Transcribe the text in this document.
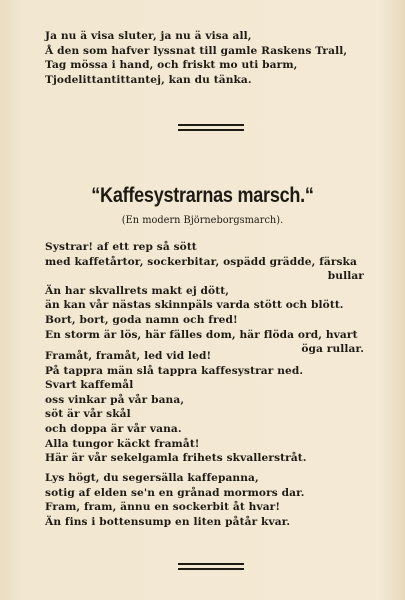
Ja nu ä visa sluter, ja nu ä visa all,
Å den som hafver lyssnat till gamle Raskens Trall,
Tag mössa i hand, och friskt mo uti barm,
Tjodelittantittantej, kan du tänka.
“Kaffesystrarnas marsch.“
(En modern Björneborgsmarch).
Systrar! af ett rep så sött
med kaffetårtor, sockerbitar, ospädd grädde, färska
bullar
Än har skvallrets makt ej dött,
än kan vår nästas skinnpäls varda stött och blött.
Bort, bort, goda namn och fred!
En storm är lös, här fälles dom, här flöda ord, hvart
öga rullar.
Framåt, framåt, led vid led!
På tappra män slå tappra kaffesystrar ned.
Svart kaffemål
oss vinkar på vår bana,
söt är vår skål
och doppa är vår vana.
Alla tungor käckt framåt!
Här är vår sekelgamla frihets skvallerstråt.
Lys högt, du segersälla kaffepanna,
sotig af elden se'n en grånad mormors dar.
Fram, fram, ännu en sockerbit åt hvar!
Än fins i bottensump en liten påtår kvar.
